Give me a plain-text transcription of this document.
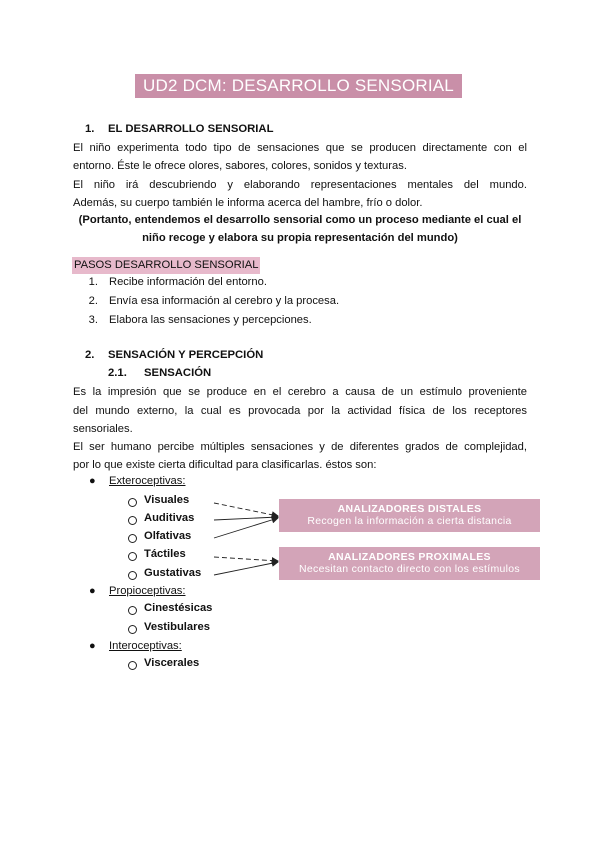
UD2 DCM: DESARROLLO SENSORIAL
1. EL DESARROLLO SENSORIAL
El niño experimenta todo tipo de sensaciones que se producen directamente con el
entorno. Éste le ofrece olores, sabores, colores, sonidos y texturas.
El niño irá descubriendo y elaborando representaciones mentales del mundo.
Además, su cuerpo también le informa acerca del hambre, frío o dolor.
(Portanto, entendemos el desarrollo sensorial como un proceso mediante el cual el
niño recoge y elabora su propia representación del mundo)
PASOS DESARROLLO SENSORIAL
1. Recibe información del entorno.
2. Envía esa información al cerebro y la procesa.
3. Elabora las sensaciones y percepciones.
2. SENSACIÓN Y PERCEPCIÓN
2.1. SENSACIÓN
Es la impresión que se produce en el cerebro a causa de un estímulo proveniente
del mundo externo, la cual es provocada por la actividad física de los receptores
sensoriales.
El ser humano percibe múltiples sensaciones y de diferentes grados de complejidad,
por lo que existe cierta dificultad para clasificarlas. éstos son:
● Exteroceptivas:
Visuales
Auditivas
Olfativas
Táctiles
Gustativas
● Propioceptivas:
Cinestésicas
Vestibulares
● Interoceptivas:
Viscerales
ANALIZADORES DISTALES
Recogen la información a cierta distancia
ANALIZADORES PROXIMALES
Necesitan contacto directo con los estímulos
